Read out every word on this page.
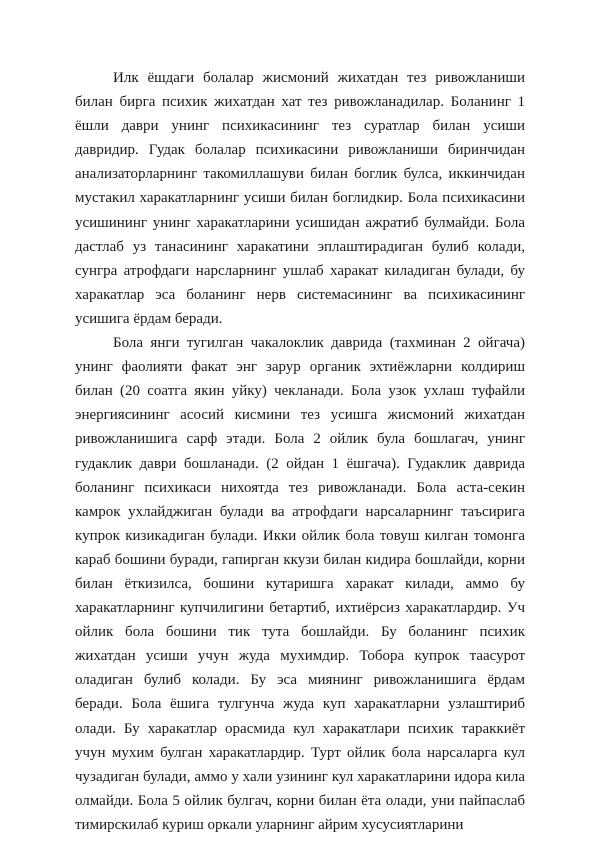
Илк ёшдаги болалар жисмоний жихатдан тез ривожланиши билан бирга психик жихатдан хат тез ривожланадилар. Боланинг 1 ёшли даври унинг психикасининг тез суратлар билан усиши давридир. Гудак болалар психикасини ривожланиши биринчидан анализаторларнинг такомиллашуви билан боглик булса, иккинчидан мустакил харакатларнинг усиши билан боглидкир. Бола психикасини усишининг унинг харакатларини усишидан ажратиб булмайди. Бола дастлаб уз танасининг харакатини эплаштирадиган булиб колади, сунгра атрофдаги нарсларнинг ушлаб харакат киладиган булади, бу харакатлар эса боланинг нерв системасининг ва психикасининг усишига ёрдам беради.

Бола янги тугилган чакалоклик даврида (тахминан 2 ойгача) унинг фаолияти факат энг зарур органик эхтиёжларни колдириш билан (20 соатга якин уйку) чекланади. Бола узок ухлаш туфайли энергиясининг асосий кисмини тез усишга жисмоний жихатдан ривожланишига сарф этади. Бола 2 ойлик була бошлагач, унинг гудаклик даври бошланади. (2 ойдан 1 ёшгача). Гудаклик даврида боланинг психикаси нихоятда тез ривожланади. Бола аста-секин камрок ухлайджиган булади ва атрофдаги нарсаларнинг таъсирига купрок кизикадиган булади. Икки ойлик бола товуш килган томонга караб бошини буради, гапирган ккузи билан кидира бошлайди, корни билан ёткизилса, бошини кутаришга харакат килади, аммо бу харакатларнинг купчилигини бетартиб, ихтиёрсиз харакатлардир. Уч ойлик бола бошини тик тута бошлайди. Бу боланинг психик жихатдан усиши учун жуда мухимдир. Тобора купрок таасурот оладиган булиб колади. Бу эса миянинг ривожланишига ёрдам беради. Бола ёшига тулгунча жуда куп харакатларни узлаштириб олади. Бу харакатлар орасмида кул харакатлари психик тараккиёт учун мухим булган харакатлардир. Турт ойлик бола нарсаларга кул чузадиган булади, аммо у хали узининг кул харакатларини идора кила олмайди. Бола 5 ойлик булгач, корни билан ёта олади, уни пайпаслаб тимирскилаб куриш оркали уларнинг айрим хусусиятларини
